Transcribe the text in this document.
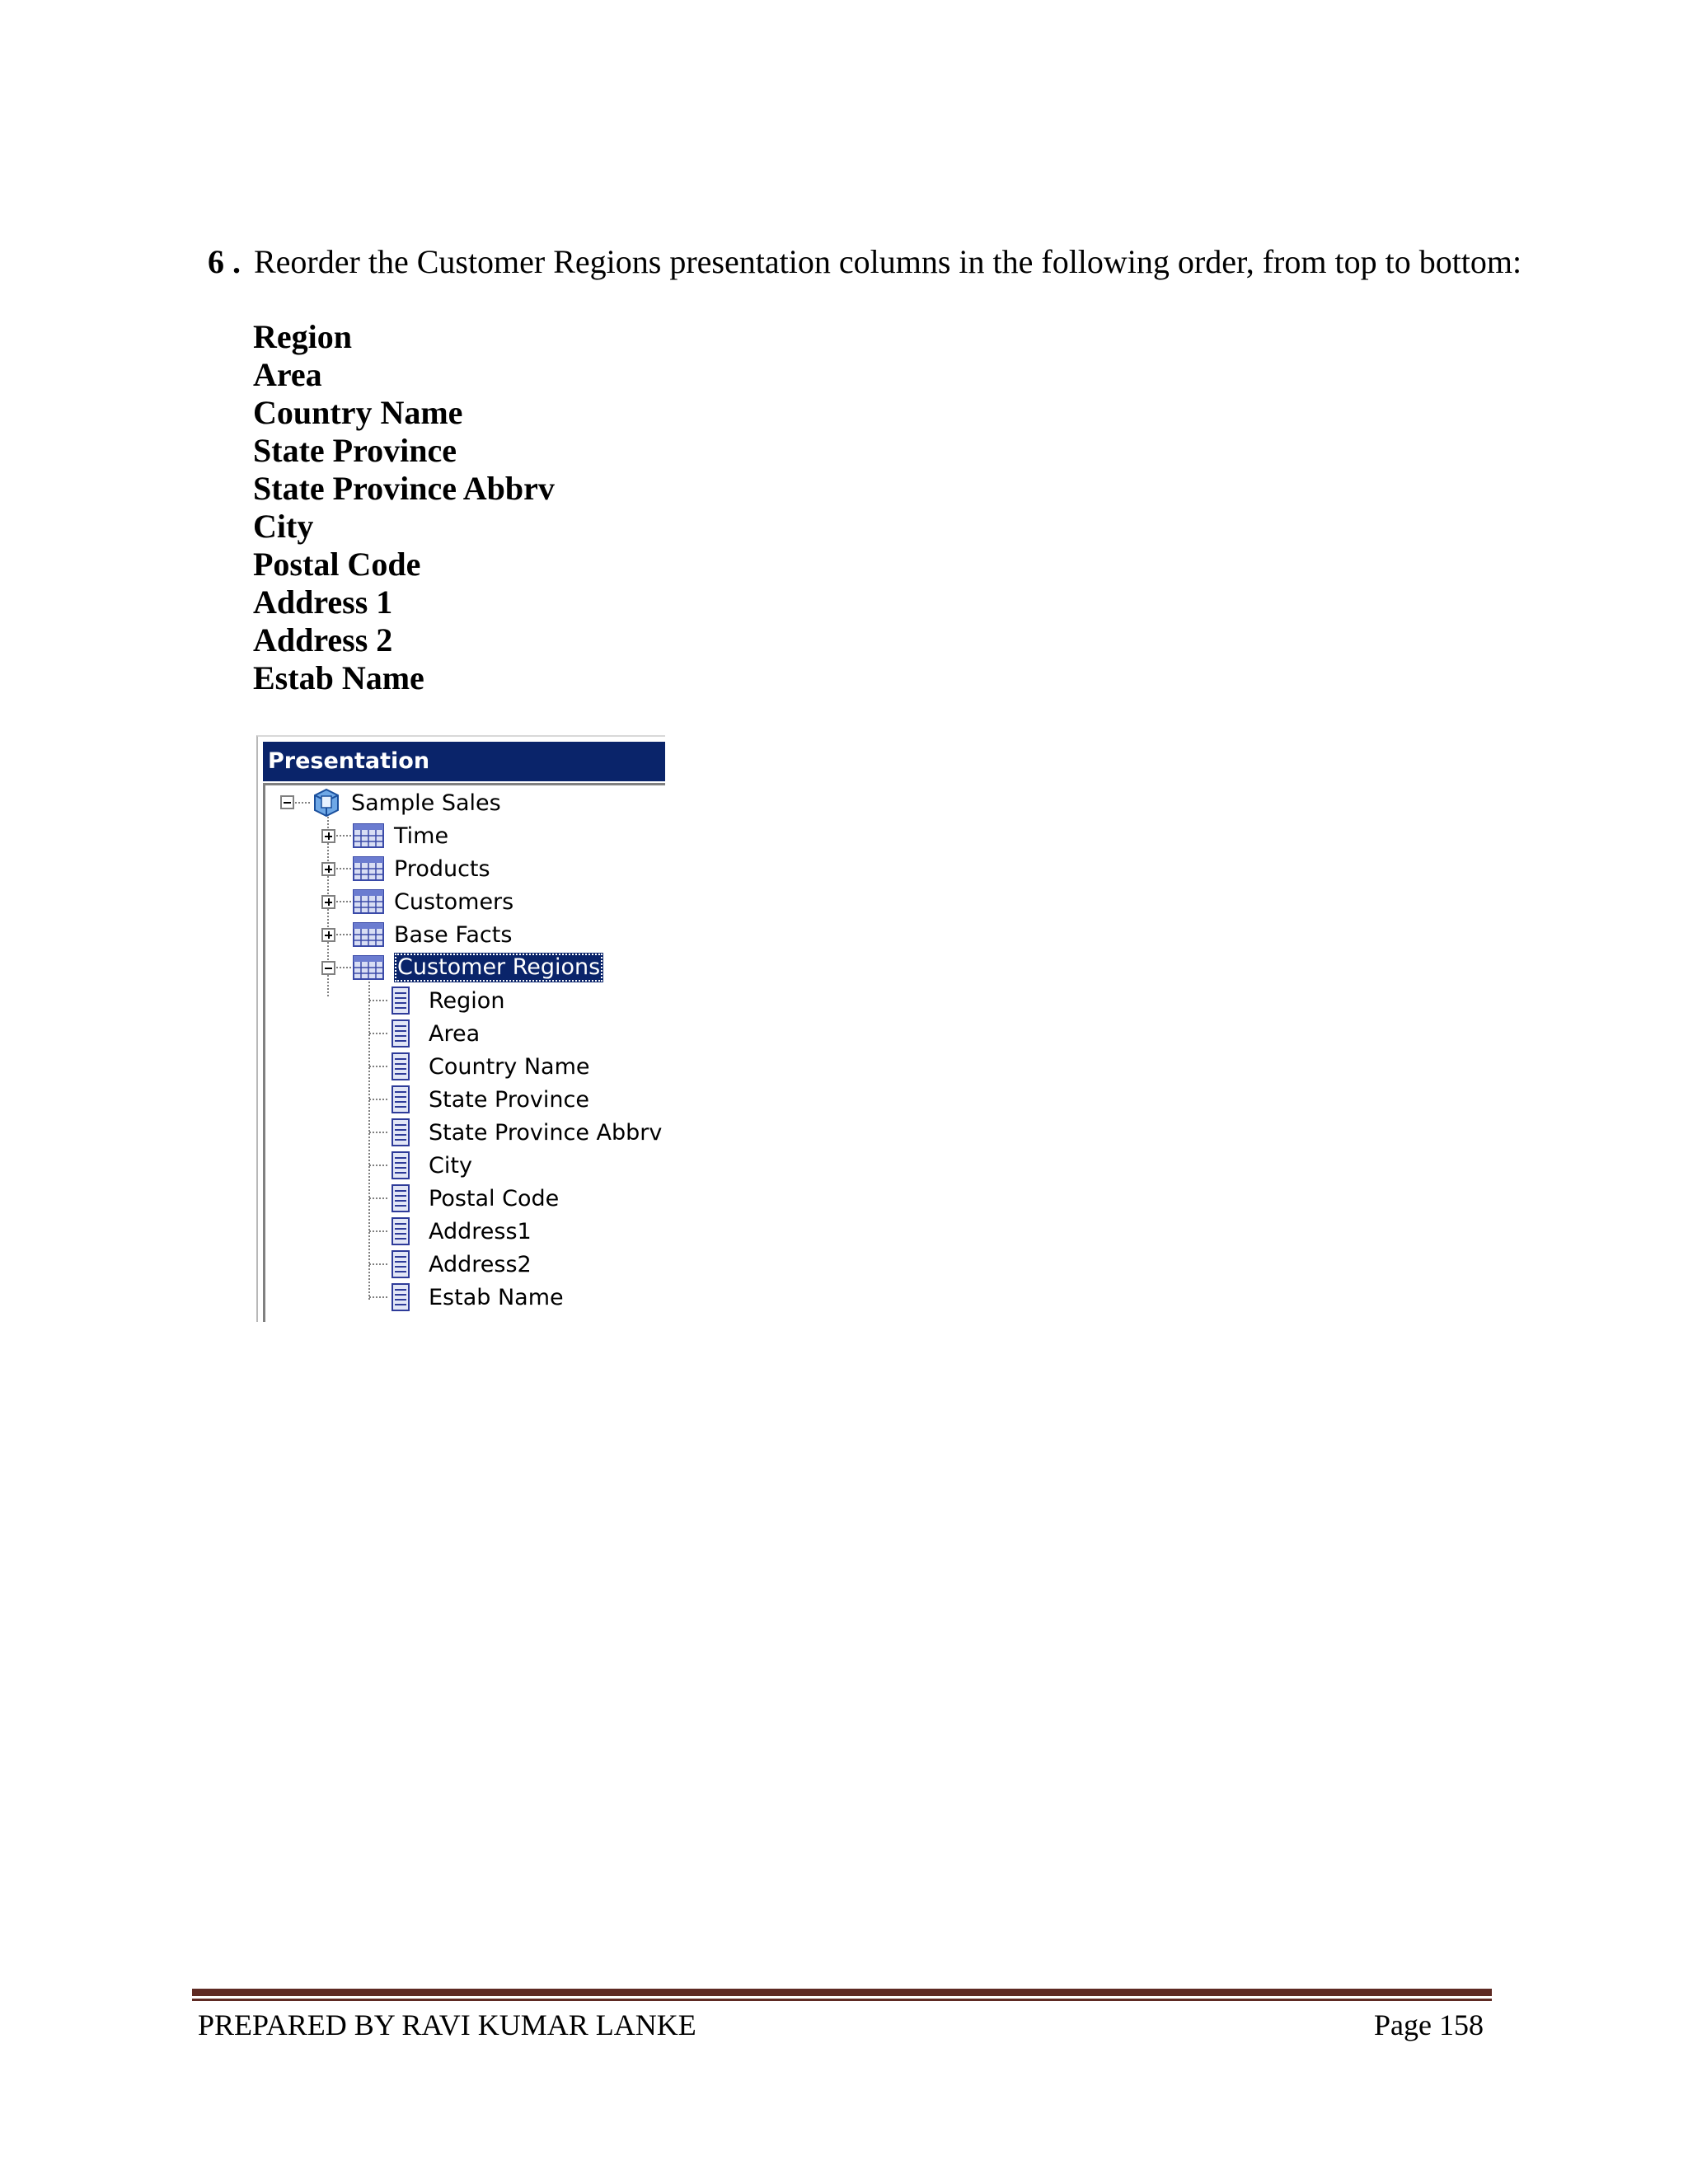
6 . Reorder the Customer Regions presentation columns in the following order, from top to bottom:
Region
Area
Country Name
State Province
State Province Abbrv
City
Postal Code
Address 1
Address 2
Estab Name
Presentation
Sample Sales
Time
Products
Customers
Base Facts
Customer Regions
Region
Area
Country Name
State Province
State Province Abbrv
City
Postal Code
Address1
Address2
Estab Name
PREPARED BY RAVI KUMAR LANKE	Page 158
